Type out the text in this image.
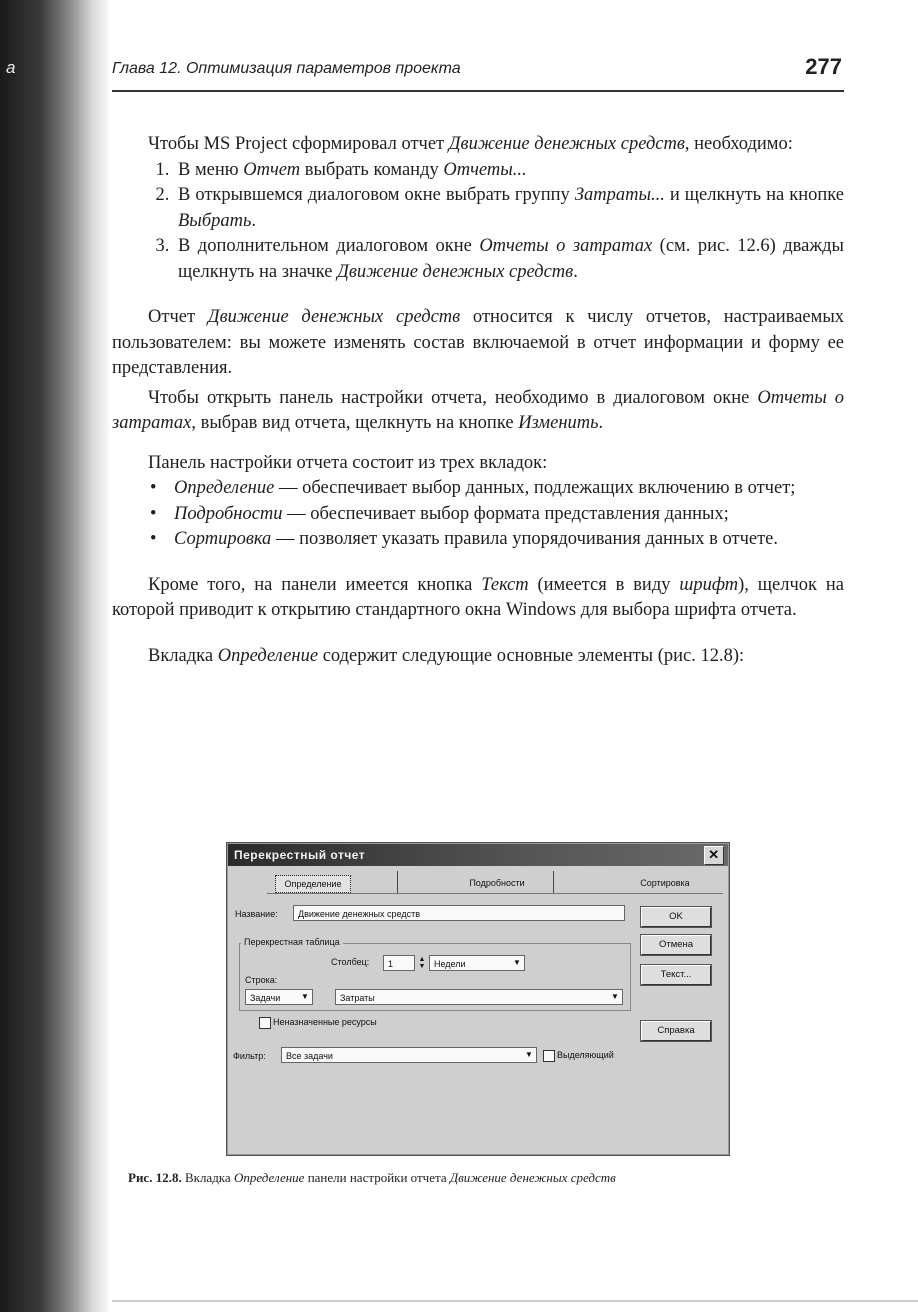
а	Глава 12. Оптимизация параметров проекта	277

Чтобы MS Project сформировал отчет Движение денежных средств, необходимо:

1. В меню Отчет выбрать команду Отчеты...
2. В открывшемся диалоговом окне выбрать группу Затраты... и щелкнуть на кнопке Выбрать.
3. В дополнительном диалоговом окне Отчеты о затратах (см. рис. 12.6) дважды щелкнуть на значке Движение денежных средств.

Отчет Движение денежных средств относится к числу отчетов, настраиваемых пользователем: вы можете изменять состав включаемой в отчет информации и форму ее представления.

Чтобы открыть панель настройки отчета, необходимо в диалоговом окне Отчеты о затратах, выбрав вид отчета, щелкнуть на кнопке Изменить.

Панель настройки отчета состоит из трех вкладок:

• Определение — обеспечивает выбор данных, подлежащих включению в отчет;
• Подробности — обеспечивает выбор формата представления данных;
• Сортировка — позволяет указать правила упорядочивания данных в отчете.

Кроме того, на панели имеется кнопка Текст (имеется в виду шрифт), щелчок на которой приводит к открытию стандартного окна Windows для выбора шрифта отчета.

Вкладка Определение содержит следующие основные элементы (рис. 12.8):

Перекрестный отчет	✕
Определение	Подробности	Сортировка
Название:	Движение денежных средств
Перекрестная таблица
Столбец:	1	▲
▼ Недели	▼
Строка:
Задачи	▼	Затраты	▼
Неназначенные ресурсы
Фильтр:	Все задачи	▼	Выделяющий
OK
Отмена
Текст...
Справка
Рис. 12.8. Вкладка Определение панели настройки отчета Движение денежных средств
